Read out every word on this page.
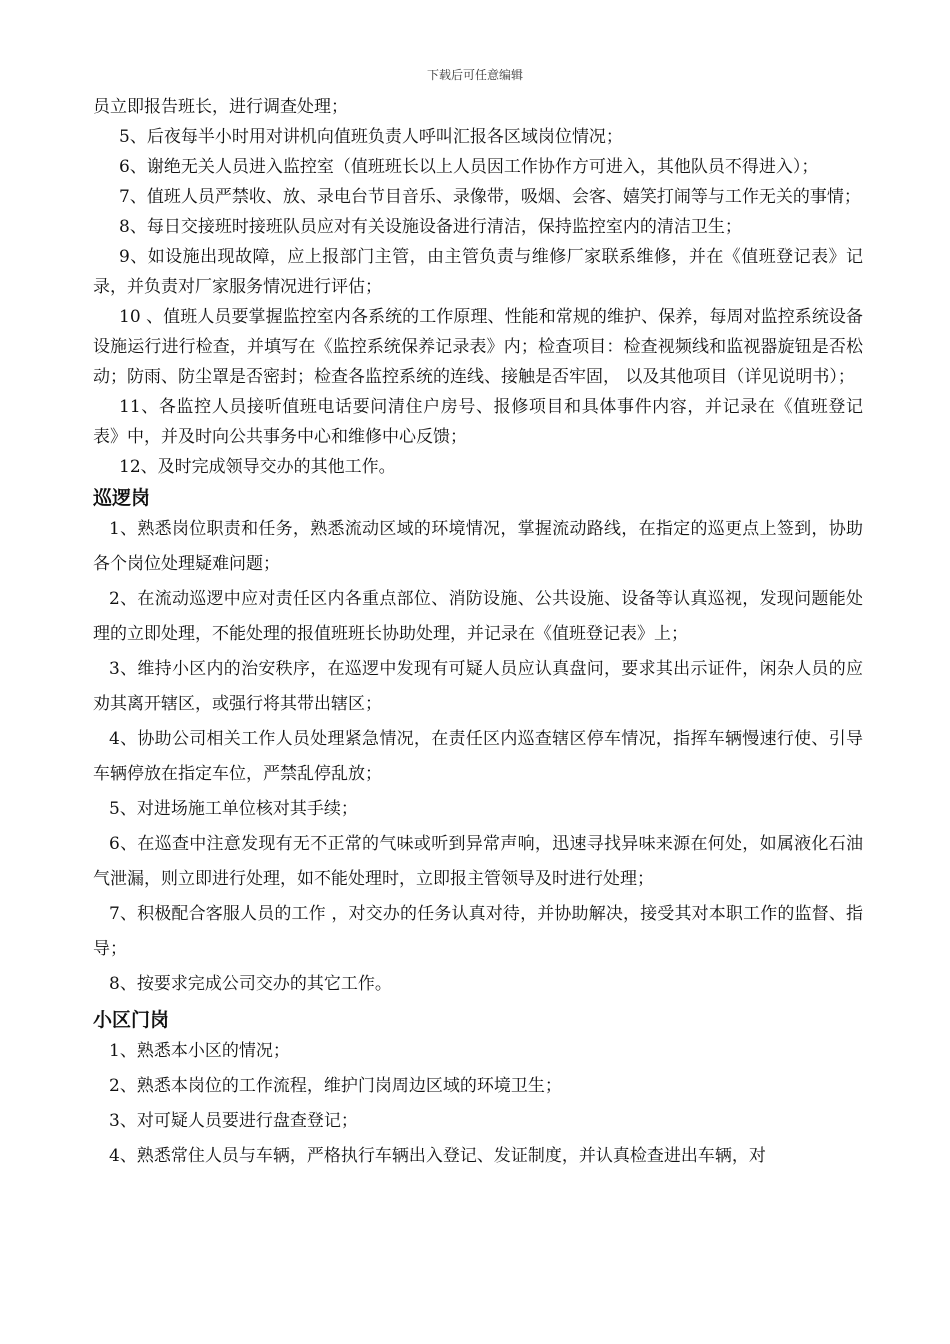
下载后可任意编辑

员立即报告班长，进行调查处理；

5、后夜每半小时用对讲机向值班负责人呼叫汇报各区域岗位情况；

6、谢绝无关人员进入监控室（值班班长以上人员因工作协作方可进入，其他队员不得进入）；

7、值班人员严禁收、放、录电台节目音乐、录像带，吸烟、会客、嬉笑打闹等与工作无关的事情；

8、每日交接班时接班队员应对有关设施设备进行清洁，保持监控室内的清洁卫生；

9、如设施出现故障，应上报部门主管，由主管负责与维修厂家联系维修，并在《值班登记表》记录，并负责对厂家服务情况进行评估；

10 、值班人员要掌握监控室内各系统的工作原理、性能和常规的维护、保养，每周对监控系统设备设施运行进行检查，并填写在《监控系统保养记录表》内；检查项目：检查视频线和监视器旋钮是否松动；防雨、防尘罩是否密封；检查各监控系统的连线、接触是否牢固， 以及其他项目（详见说明书）；

11、各监控人员接听值班电话要问清住户房号、报修项目和具体事件内容，并记录在《值班登记表》中，并及时向公共事务中心和维修中心反馈；

12、及时完成领导交办的其他工作。

巡逻岗

1、熟悉岗位职责和任务，熟悉流动区域的环境情况，掌握流动路线，在指定的巡更点上签到，协助各个岗位处理疑难问题；

2、在流动巡逻中应对责任区内各重点部位、消防设施、公共设施、设备等认真巡视，发现问题能处理的立即处理，不能处理的报值班班长协助处理，并记录在《值班登记表》上；

3、维持小区内的治安秩序，在巡逻中发现有可疑人员应认真盘问，要求其出示证件，闲杂人员的应劝其离开辖区，或强行将其带出辖区；

4、协助公司相关工作人员处理紧急情况，在责任区内巡查辖区停车情况，指挥车辆慢速行使、引导车辆停放在指定车位，严禁乱停乱放；

5、对进场施工单位核对其手续；

6、在巡查中注意发现有无不正常的气味或听到异常声响，迅速寻找异味来源在何处，如属液化石油气泄漏，则立即进行处理，如不能处理时，立即报主管领导及时进行处理；

7、积极配合客服人员的工作 ，对交办的任务认真对待，并协助解决，接受其对本职工作的监督、指导；

8、按要求完成公司交办的其它工作。

小区门岗

1、熟悉本小区的情况；

2、熟悉本岗位的工作流程，维护门岗周边区域的环境卫生；

3、对可疑人员要进行盘查登记；

4、熟悉常住人员与车辆，严格执行车辆出入登记、发证制度，并认真检查进出车辆，对
